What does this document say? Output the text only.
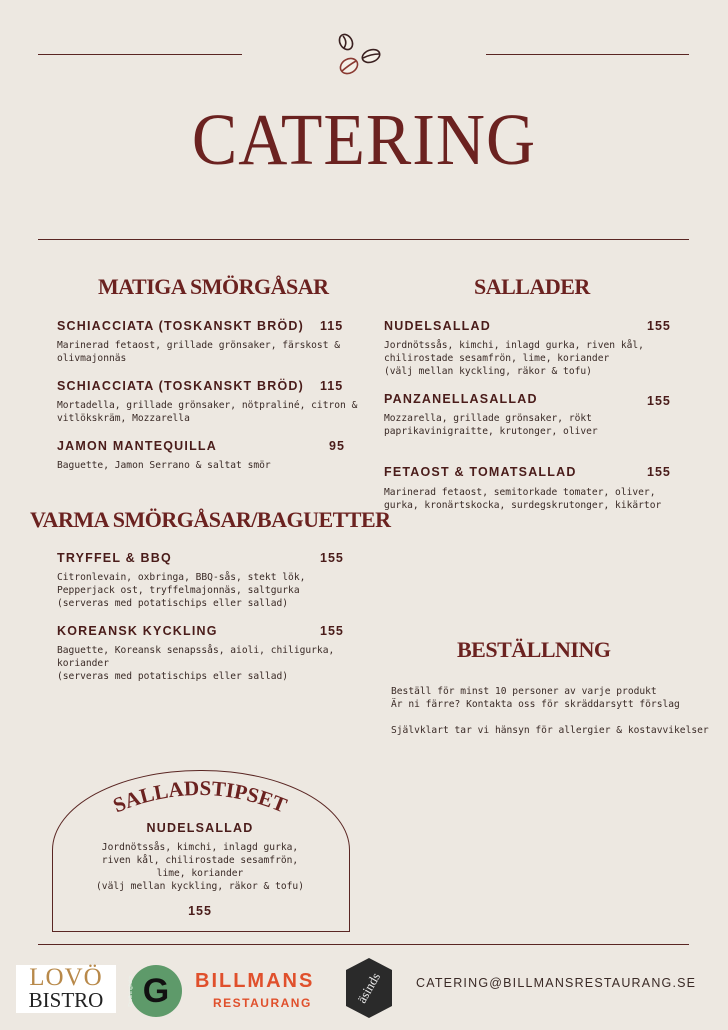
CATERING
MATIGA SMÖRGÅSAR
SCHIACCIATA (TOSKANSKT BRÖD) 115
Marinerad fetaost, grillade grönsaker, färskost &
olivmajonnäs
SCHIACCIATA (TOSKANSKT BRÖD) 115
Mortadella, grillade grönsaker, nötpraliné, citron &
vitlökskräm, Mozzarella
JAMON MANTEQUILLA	95
Baguette, Jamon Serrano & saltat smör
VARMA SMÖRGÅSAR/BAGUETTER
TRYFFEL & BBQ	155
Citronlevain, oxbringa, BBQ-sås, stekt lök,
Pepperjack ost, tryffelmajonnäs, saltgurka
(serveras med potatischips eller sallad)
KOREANSK KYCKLING	155
Baguette, Koreansk senapssås, aioli, chiligurka,
koriander
(serveras med potatischips eller sallad)
SALLADER
NUDELSALLAD	155
Jordnötssås, kimchi, inlagd gurka, riven kål,
chilirostade sesamfrön, lime, koriander
(välj mellan kyckling, räkor & tofu)
PANZANELLASALLAD	155
Mozzarella, grillade grönsaker, rökt
paprikavinigraitte, krutonger, oliver
FETAOST & TOMATSALLAD	155
Marinerad fetaost, semitorkade tomater, oliver,
gurka, kronärtskocka, surdegskrutonger, kikärtor
BESTÄLLNING
Beställ för minst 10 personer av varje produkt
Är ni färre? Kontakta oss för skräddarsytt förslag
Självklart tar vi hänsyn för allergier & kostavvikelser
SALLADSTIPSET
NUDELSALLAD
Jordnötssås, kimchi, inlagd gurka,
riven kål, chilirostade sesamfrön,
lime, koriander
(välj mellan kyckling, räkor & tofu)
155
LOVÖ
BISTRO	G
Drottningholm	BILLMANS
RESTAURANG	äsinds	CATERING@BILLMANSRESTAURANG.SE
